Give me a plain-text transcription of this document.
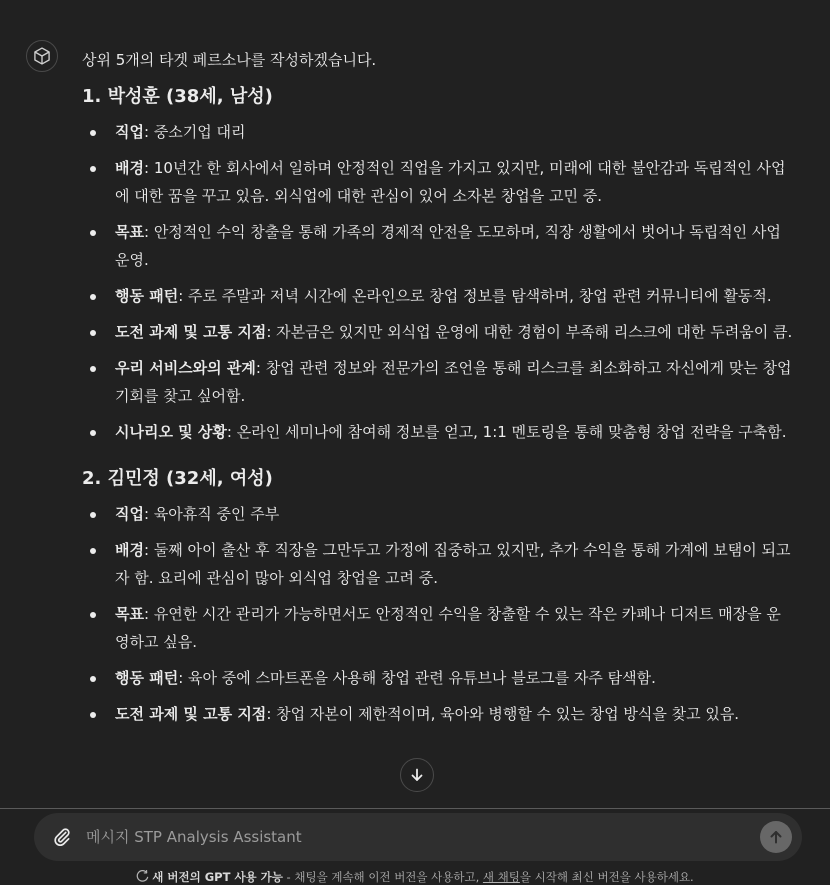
상위 5개의 타겟 페르소나를 작성하겠습니다.

1. 박성훈 (38세, 남성)
직업: 중소기업 대리
배경: 10년간 한 회사에서 일하며 안정적인 직업을 가지고 있지만, 미래에 대한 불안감과 독립적인 사업에 대한 꿈을 꾸고 있음. 외식업에 대한 관심이 있어 소자본 창업을 고민 중.
목표: 안정적인 수익 창출을 통해 가족의 경제적 안전을 도모하며, 직장 생활에서 벗어나 독립적인 사업 운영.
행동 패턴: 주로 주말과 저녁 시간에 온라인으로 창업 정보를 탐색하며, 창업 관련 커뮤니티에 활동적.
도전 과제 및 고통 지점: 자본금은 있지만 외식업 운영에 대한 경험이 부족해 리스크에 대한 두려움이 큼.
우리 서비스와의 관계: 창업 관련 정보와 전문가의 조언을 통해 리스크를 최소화하고 자신에게 맞는 창업 기회를 찾고 싶어함.
시나리오 및 상황: 온라인 세미나에 참여해 정보를 얻고, 1:1 멘토링을 통해 맞춤형 창업 전략을 구축함.
2. 김민정 (32세, 여성)
직업: 육아휴직 중인 주부
배경: 둘째 아이 출산 후 직장을 그만두고 가정에 집중하고 있지만, 추가 수익을 통해 가계에 보탬이 되고자 함. 요리에 관심이 많아 외식업 창업을 고려 중.
목표: 유연한 시간 관리가 가능하면서도 안정적인 수익을 창출할 수 있는 작은 카페나 디저트 매장을 운영하고 싶음.
행동 패턴: 육아 중에 스마트폰을 사용해 창업 관련 유튜브나 블로그를 자주 탐색함.
도전 과제 및 고통 지점: 창업 자본이 제한적이며, 육아와 병행할 수 있는 창업 방식을 찾고 있음.
메시지 STP Analysis Assistant
새 버전의 GPT 사용 가능 - 채팅을 계속해 이전 버전을 사용하고, 새 채팅을 시작해 최신 버전을 사용하세요.
